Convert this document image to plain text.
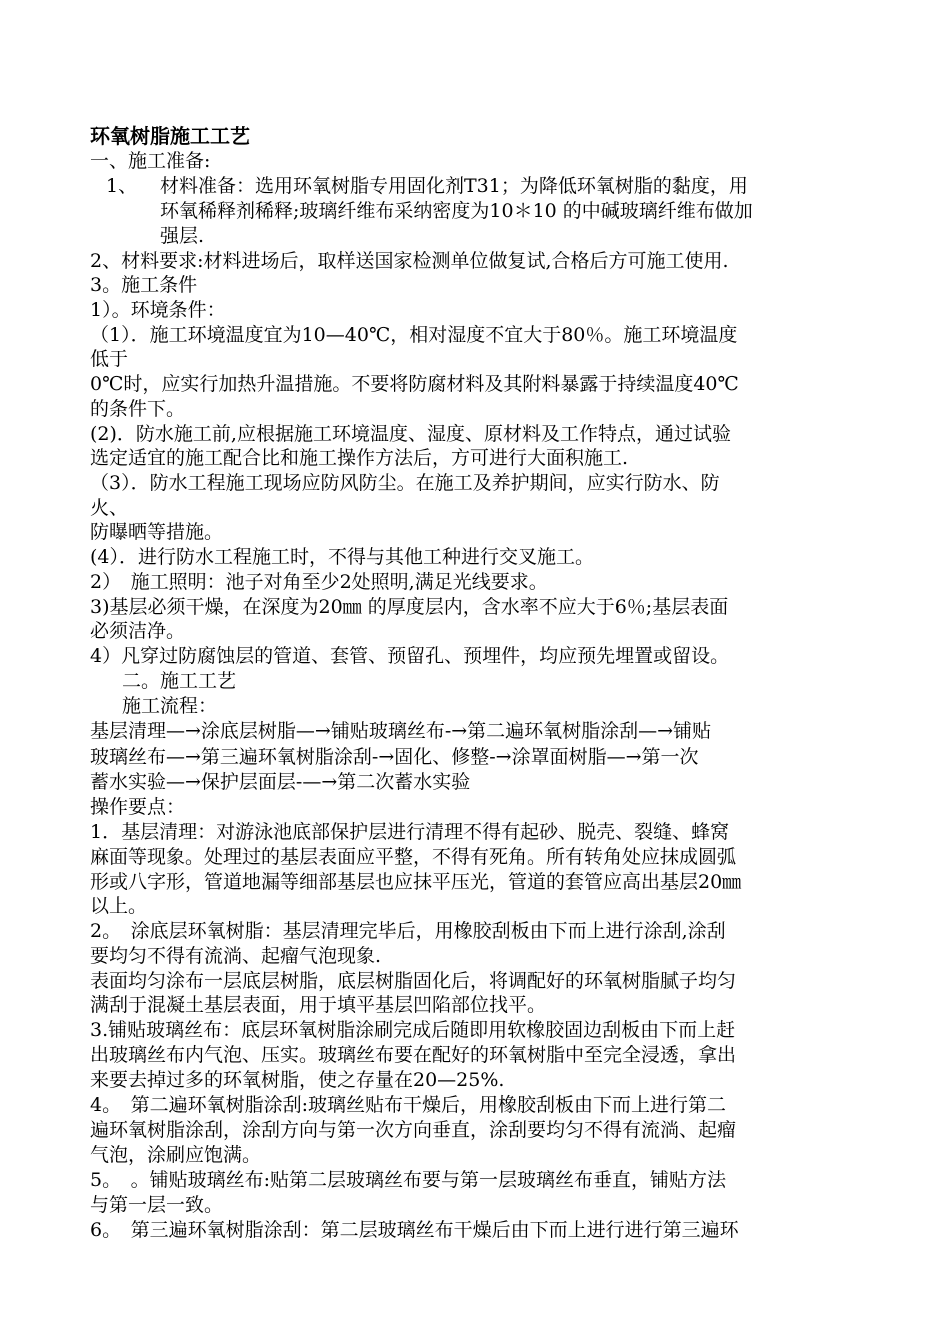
环氧树脂施工工艺
一、施工准备:
1、 材料准备：选用环氧树脂专用固化剂T31；为降低环氧树脂的黏度，用
环氧稀释剂稀释;玻璃纤维布采纳密度为10＊10 的中碱玻璃纤维布做加
强层.
2、材料要求:材料进场后，取样送国家检测单位做复试,合格后方可施工使用.
3。施工条件
1）。环境条件：
（1）．施工环境温度宜为10—40℃，相对湿度不宜大于80％。施工环境温度
低于
0℃时，应实行加热升温措施。不要将防腐材料及其附料暴露于持续温度40℃
的条件下。
(2)．防水施工前,应根据施工环境温度、湿度、原材料及工作特点，通过试验
选定适宜的施工配合比和施工操作方法后，方可进行大面积施工.
（3）．防水工程施工现场应防风防尘。在施工及养护期间，应实行防水、防
火、
防曝晒等措施。
(4）．进行防水工程施工时，不得与其他工种进行交叉施工。
2）　施工照明：池子对角至少2处照明,满足光线要求。
3)基层必须干燥，在深度为20㎜ 的厚度层内，含水率不应大于6％;基层表面
必须洁净。
4）凡穿过防腐蚀层的管道、套管、预留孔、预埋件，均应预先埋置或留设。
二。施工工艺
施工流程：
基层清理—→涂底层树脂—→铺贴玻璃丝布-→第二遍环氧树脂涂刮—→铺贴
玻璃丝布—→第三遍环氧树脂涂刮-→固化、修整-→涂罩面树脂—→第一次
蓄水实验—→保护层面层-—→第二次蓄水实验
操作要点：
1．基层清理：对游泳池底部保护层进行清理不得有起砂、脱壳、裂缝、蜂窝
麻面等现象。处理过的基层表面应平整，不得有死角。所有转角处应抹成圆弧
形或八字形，管道地漏等细部基层也应抹平压光，管道的套管应高出基层20㎜
以上。
2。　涂底层环氧树脂：基层清理完毕后，用橡胶刮板由下而上进行涂刮,涂刮
要均匀不得有流淌、起瘤气泡现象.
表面均匀涂布一层底层树脂，底层树脂固化后，将调配好的环氧树脂腻子均匀
满刮于混凝土基层表面，用于填平基层凹陷部位找平。
3.铺贴玻璃丝布：底层环氧树脂涂刷完成后随即用软橡胶固边刮板由下而上赶
出玻璃丝布内气泡、压实。玻璃丝布要在配好的环氧树脂中至完全浸透，拿出
来要去掉过多的环氧树脂，使之存量在20—25%.
4。　第二遍环氧树脂涂刮:玻璃丝贴布干燥后，用橡胶刮板由下而上进行第二
遍环氧树脂涂刮，涂刮方向与第一次方向垂直，涂刮要均匀不得有流淌、起瘤
气泡，涂刷应饱满。
5。　。铺贴玻璃丝布:贴第二层玻璃丝布要与第一层玻璃丝布垂直，铺贴方法
与第一层一致。
6。　第三遍环氧树脂涂刮：第二层玻璃丝布干燥后由下而上进行进行第三遍环
